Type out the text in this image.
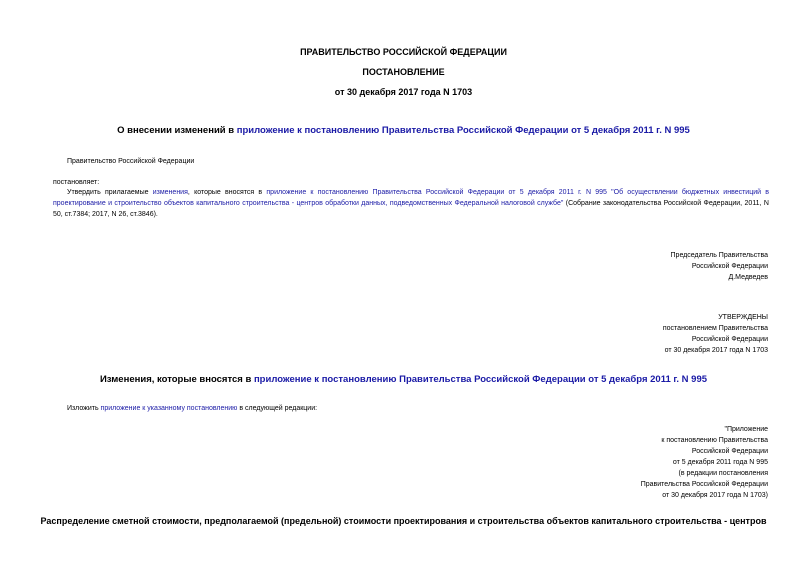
ПРАВИТЕЛЬСТВО РОССИЙСКОЙ ФЕДЕРАЦИИ
ПОСТАНОВЛЕНИЕ
от 30 декабря 2017 года N 1703
О внесении изменений в приложение к постановлению Правительства Российской Федерации от 5 декабря 2011 г. N 995
Правительство Российской Федерации
постановляет:
Утвердить прилагаемые изменения, которые вносятся в приложение к постановлению Правительства Российской Федерации от 5 декабря 2011 г. N 995 "Об осуществлении бюджетных инвестиций в проектирование и строительство объектов капитального строительства - центров обработки данных, подведомственных Федеральной налоговой службе" (Собрание законодательства Российской Федерации, 2011, N 50, ст.7384; 2017, N 26, ст.3846).
Председатель Правительства
Российской Федерации
Д.Медведев
УТВЕРЖДЕНЫ
постановлением Правительства
Российской Федерации
от 30 декабря 2017 года N 1703
Изменения, которые вносятся в приложение к постановлению Правительства Российской Федерации от 5 декабря 2011 г. N 995
Изложить приложение к указанному постановлению в следующей редакции:
"Приложение
к постановлению Правительства
Российской Федерации
от 5 декабря 2011 года N 995
(в редакции постановления
Правительства Российской Федерации
от 30 декабря 2017 года N 1703)
Распределение сметной стоимости, предполагаемой (предельной) стоимости проектирования и строительства объектов капитального строительства - центров
